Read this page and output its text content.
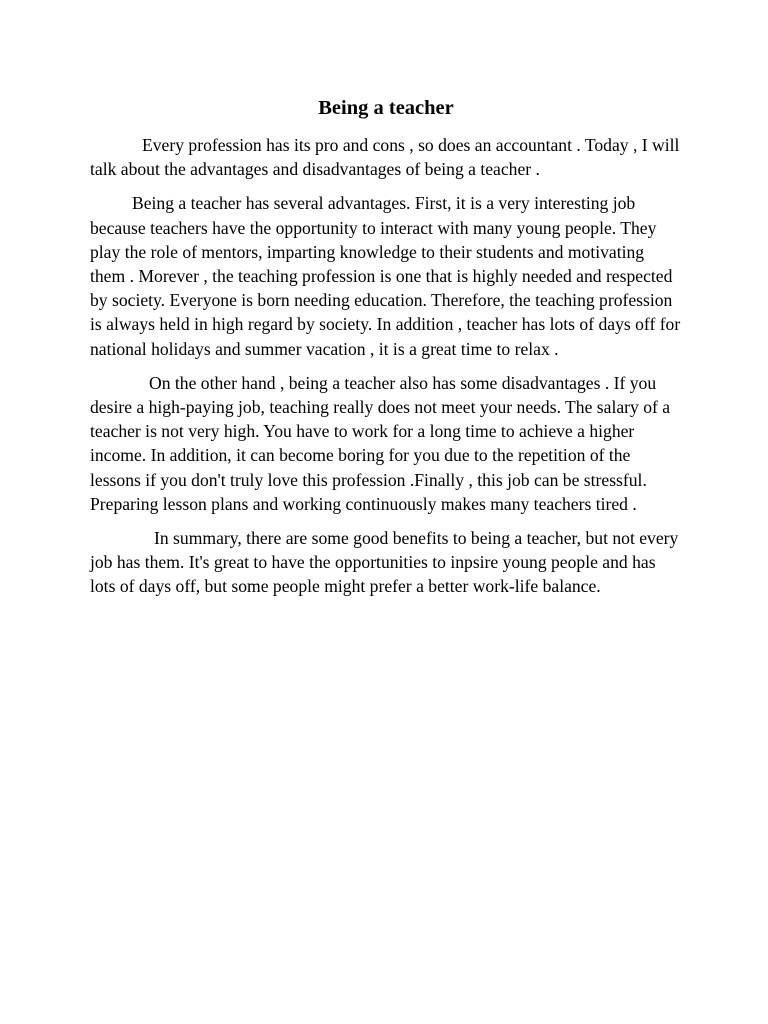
Being a teacher

Every profession has its pro and cons , so does an accountant . Today , I will talk about the advantages and disadvantages of being a teacher .

Being a teacher has several advantages. First, it is a very interesting job because teachers have the opportunity to interact with many young people. They play the role of mentors, imparting knowledge to their students and motivating them . Morever , the teaching profession is one that is highly needed and respected by society. Everyone is born needing education. Therefore, the teaching profession is always held in high regard by society. In addition , teacher has lots of days off for national holidays and summer vacation , it is a great time to relax .

On the other hand , being a teacher also has some disadvantages . If you desire a high-paying job, teaching really does not meet your needs. The salary of a teacher is not very high. You have to work for a long time to achieve a higher income. In addition, it can become boring for you due to the repetition of the lessons if you don't truly love this profession .Finally , this job can be stressful. Preparing lesson plans and working continuously makes many teachers tired .

In summary, there are some good benefits to being a teacher, but not every job has them. It's great to have the opportunities to inpsire young people and has lots of days off, but some people might prefer a better work-life balance.
